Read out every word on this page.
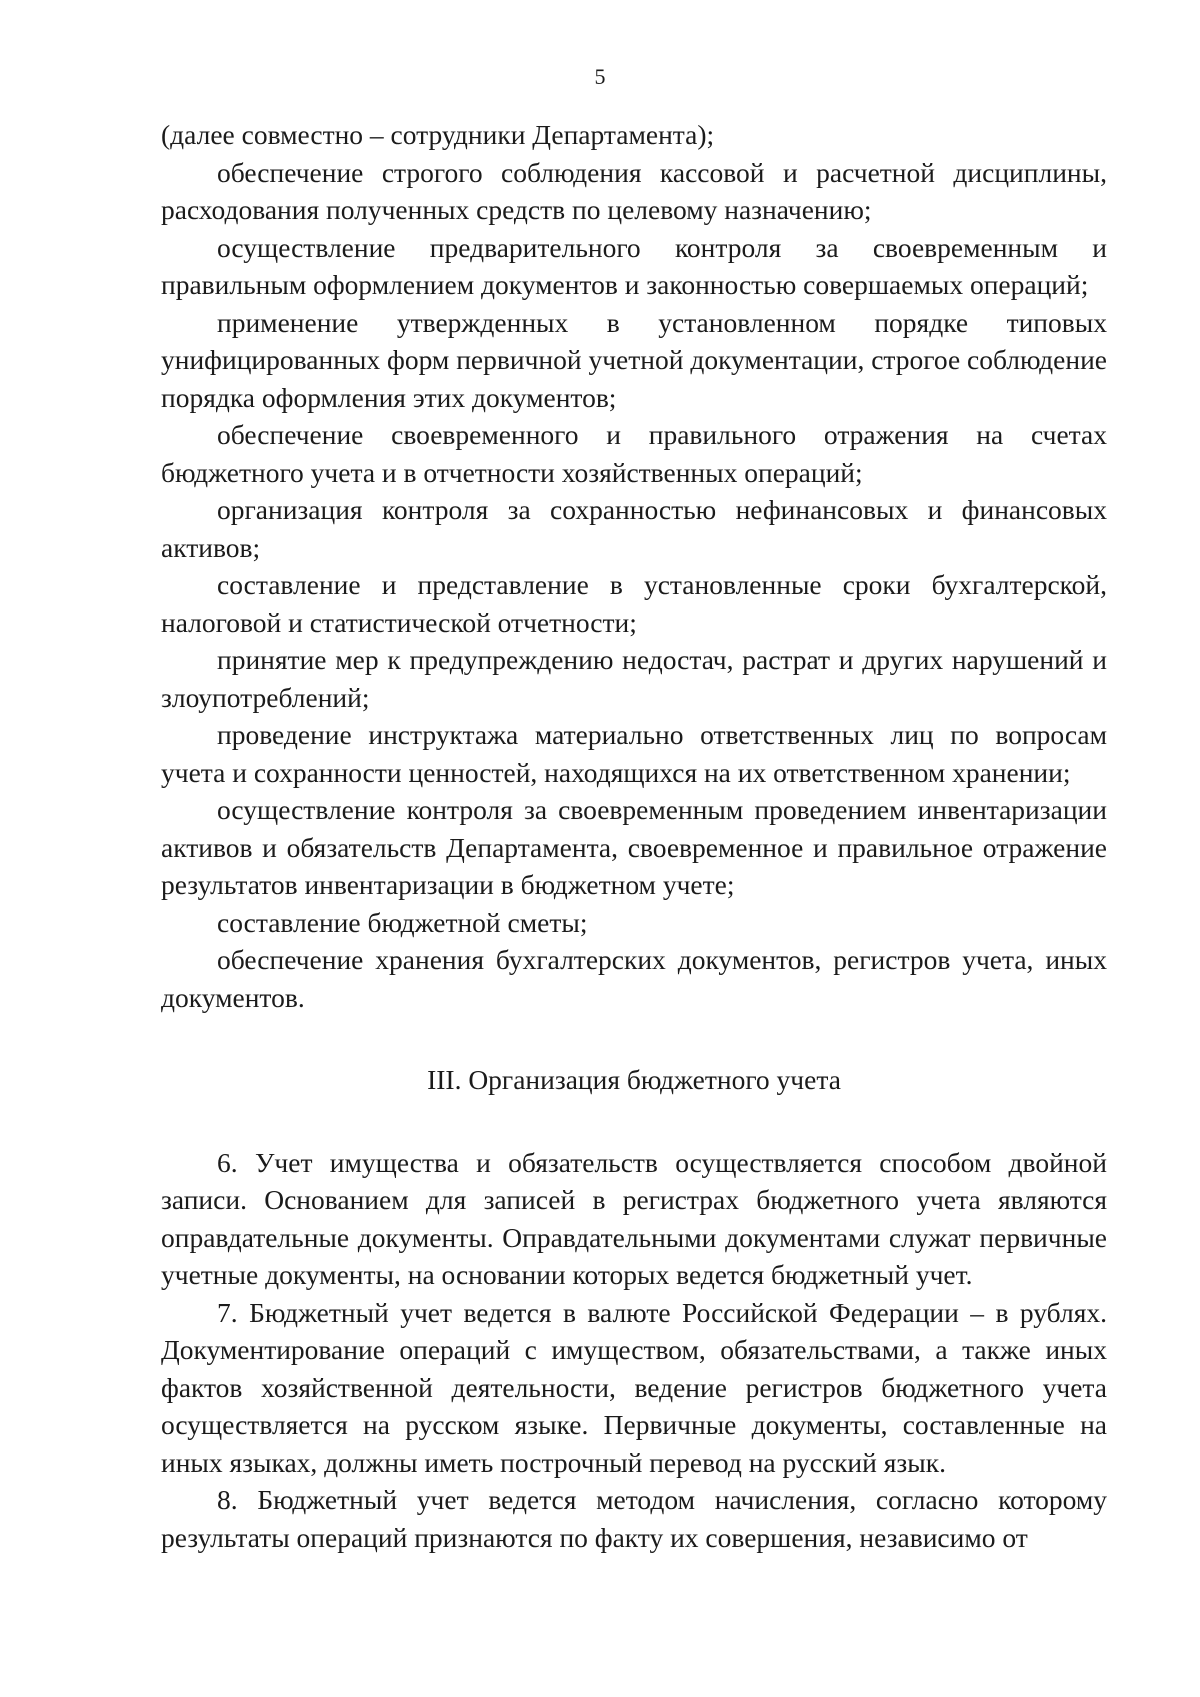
5

(далее совместно – сотрудники Департамента);

обеспечение строгого соблюдения кассовой и расчетной дисциплины, расходования полученных средств по целевому назначению;

осуществление предварительного контроля за своевременным и правильным оформлением документов и законностью совершаемых операций;

применение утвержденных в установленном порядке типовых унифицированных форм первичной учетной документации, строгое соблюдение порядка оформления этих документов;

обеспечение своевременного и правильного отражения на счетах бюджетного учета и в отчетности хозяйственных операций;

организация контроля за сохранностью нефинансовых и финансовых активов;

составление и представление в установленные сроки бухгалтерской, налоговой и статистической отчетности;

принятие мер к предупреждению недостач, растрат и других нарушений и злоупотреблений;

проведение инструктажа материально ответственных лиц по вопросам учета и сохранности ценностей, находящихся на их ответственном хранении;

осуществление контроля за своевременным проведением инвентаризации активов и обязательств Департамента, своевременное и правильное отражение результатов инвентаризации в бюджетном учете;

составление бюджетной сметы;

обеспечение хранения бухгалтерских документов, регистров учета, иных документов.

III. Организация бюджетного учета

6. Учет имущества и обязательств осуществляется способом двойной записи. Основанием для записей в регистрах бюджетного учета являются оправдательные документы. Оправдательными документами служат первичные учетные документы, на основании которых ведется бюджетный учет.

7. Бюджетный учет ведется в валюте Российской Федерации – в рублях. Документирование операций с имуществом, обязательствами, а также иных фактов хозяйственной деятельности, ведение регистров бюджетного учета осуществляется на русском языке. Первичные документы, составленные на иных языках, должны иметь построчный перевод на русский язык.

8. Бюджетный учет ведется методом начисления, согласно которому результаты операций признаются по факту их совершения, независимо от
